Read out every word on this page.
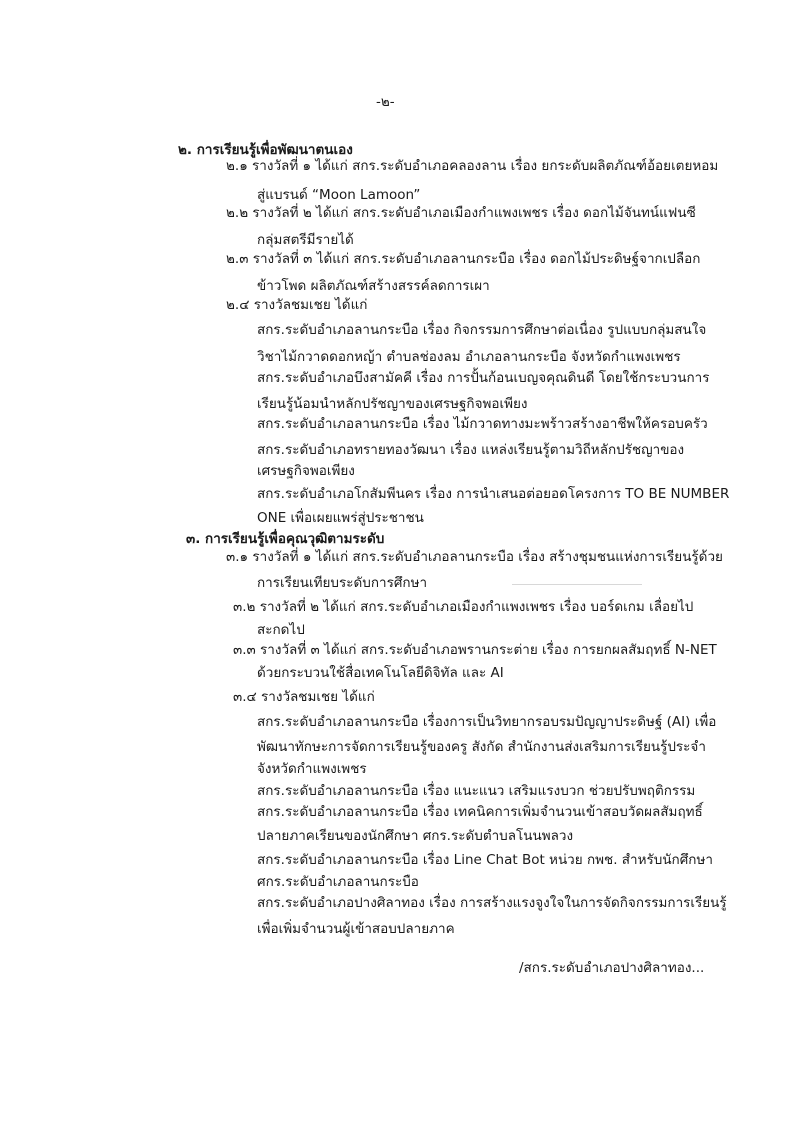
-๒-
๒. การเรียนรู้เพื่อพัฒนาตนเอง
๒.๑ รางวัลที่ ๑ ได้แก่ สกร.ระดับอำเภอคลองลาน เรื่อง ยกระดับผลิตภัณฑ์อ้อยเตยหอม
สู่แบรนด์ “Moon Lamoon”
๒.๒ รางวัลที่ ๒ ได้แก่ สกร.ระดับอำเภอเมืองกำแพงเพชร เรื่อง ดอกไม้จันทน์แฟนซี
กลุ่มสตรีมีรายได้
๒.๓ รางวัลที่ ๓ ได้แก่ สกร.ระดับอำเภอลานกระบือ เรื่อง ดอกไม้ประดิษฐ์จากเปลือก
ข้าวโพด ผลิตภัณฑ์สร้างสรรค์ลดการเผา
๒.๔ รางวัลชมเชย ได้แก่
สกร.ระดับอำเภอลานกระบือ เรื่อง กิจกรรมการศึกษาต่อเนื่อง รูปแบบกลุ่มสนใจ
วิชาไม้กวาดดอกหญ้า ตำบลช่องลม อำเภอลานกระบือ จังหวัดกำแพงเพชร
สกร.ระดับอำเภอบึงสามัคคี เรื่อง การปั้นก้อนเบญจคุณดินดี โดยใช้กระบวนการ
เรียนรู้น้อมนำหลักปรัชญาของเศรษฐกิจพอเพียง
สกร.ระดับอำเภอลานกระบือ เรื่อง ไม้กวาดทางมะพร้าวสร้างอาชีพให้ครอบครัว
สกร.ระดับอำเภอทรายทองวัฒนา เรื่อง แหล่งเรียนรู้ตามวิถีหลักปรัชญาของ
เศรษฐกิจพอเพียง
สกร.ระดับอำเภอโกสัมพีนคร เรื่อง การนำเสนอต่อยอดโครงการ TO BE NUMBER
ONE เพื่อเผยแพร่สู่ประชาชน
๓. การเรียนรู้เพื่อคุณวุฒิตามระดับ
๓.๑ รางวัลที่ ๑ ได้แก่ สกร.ระดับอำเภอลานกระบือ เรื่อง สร้างชุมชนแห่งการเรียนรู้ด้วย
การเรียนเทียบระดับการศึกษา
๓.๒ รางวัลที่ ๒ ได้แก่ สกร.ระดับอำเภอเมืองกำแพงเพชร เรื่อง บอร์ดเกม เลื่อยไป
สะกดไป
๓.๓ รางวัลที่ ๓ ได้แก่ สกร.ระดับอำเภอพรานกระต่าย เรื่อง การยกผลสัมฤทธิ์ N-NET
ด้วยกระบวนใช้สื่อเทคโนโลยีดิจิทัล และ AI
๓.๔ รางวัลชมเชย ได้แก่
สกร.ระดับอำเภอลานกระบือ เรื่องการเป็นวิทยากรอบรมปัญญาประดิษฐ์ (AI) เพื่อ
พัฒนาทักษะการจัดการเรียนรู้ของครู สังกัด สำนักงานส่งเสริมการเรียนรู้ประจำ
จังหวัดกำแพงเพชร
สกร.ระดับอำเภอลานกระบือ เรื่อง แนะแนว เสริมแรงบวก ช่วยปรับพฤติกรรม
สกร.ระดับอำเภอลานกระบือ เรื่อง เทคนิคการเพิ่มจำนวนเข้าสอบวัดผลสัมฤทธิ์
ปลายภาคเรียนของนักศึกษา ศกร.ระดับตำบลโนนพลวง
สกร.ระดับอำเภอลานกระบือ เรื่อง Line Chat Bot หน่วย กพช. สำหรับนักศึกษา
ศกร.ระดับอำเภอลานกระบือ
สกร.ระดับอำเภอปางศิลาทอง เรื่อง การสร้างแรงจูงใจในการจัดกิจกรรมการเรียนรู้
เพื่อเพิ่มจำนวนผู้เข้าสอบปลายภาค
/สกร.ระดับอำเภอปางศิลาทอง...
